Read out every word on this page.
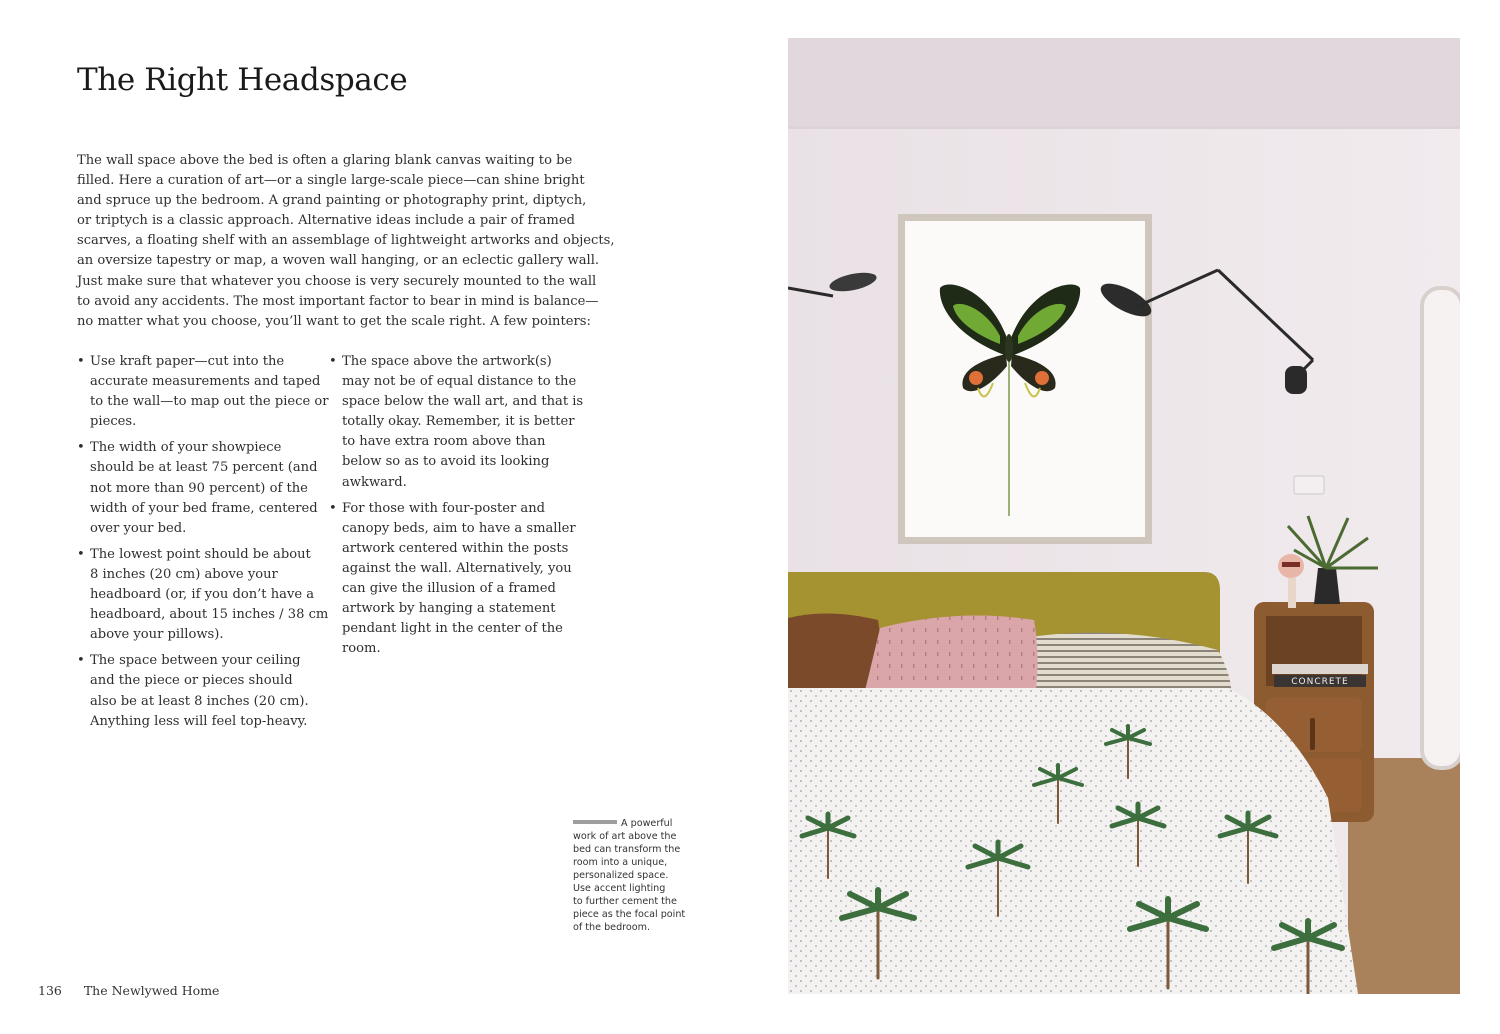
The Right Headspace
The wall space above the bed is often a glaring blank canvas waiting to be
filled. Here a curation of art—or a single large-scale piece—can shine bright
and spruce up the bedroom. A grand painting or photography print, diptych,
or triptych is a classic approach. Alternative ideas include a pair of framed
scarves, a floating shelf with an assemblage of lightweight artworks and objects,
an oversize tapestry or map, a woven wall hanging, or an eclectic gallery wall.
Just make sure that whatever you choose is very securely mounted to the wall
to avoid any accidents. The most important factor to bear in mind is balance—
no matter what you choose, you’ll want to get the scale right. A few pointers:
• Use kraft paper—cut into the
accurate measurements and taped
to the wall—to map out the piece or
pieces.
• The width of your showpiece
should be at least 75 percent (and
not more than 90 percent) of the
width of your bed frame, centered
over your bed.
• The lowest point should be about
8 inches (20 cm) above your
headboard (or, if you don’t have a
headboard, about 15 inches / 38 cm
above your pillows).
• The space between your ceiling
and the piece or pieces should
also be at least 8 inches (20 cm).
Anything less will feel top-heavy.
• The space above the artwork(s)
may not be of equal distance to the
space below the wall art, and that is
totally okay. Remember, it is better
to have extra room above than
below so as to avoid its looking
awkward.
• For those with four-poster and
canopy beds, aim to have a smaller
artwork centered within the posts
against the wall. Alternatively, you
can give the illusion of a framed
artwork by hanging a statement
pendant light in the center of the
room.
A powerful
work of art above the
bed can transform the
room into a unique,
personalized space.
Use accent lighting
to further cement the
piece as the focal point
of the bedroom.
136 The Newlywed Home
CONCRETE
